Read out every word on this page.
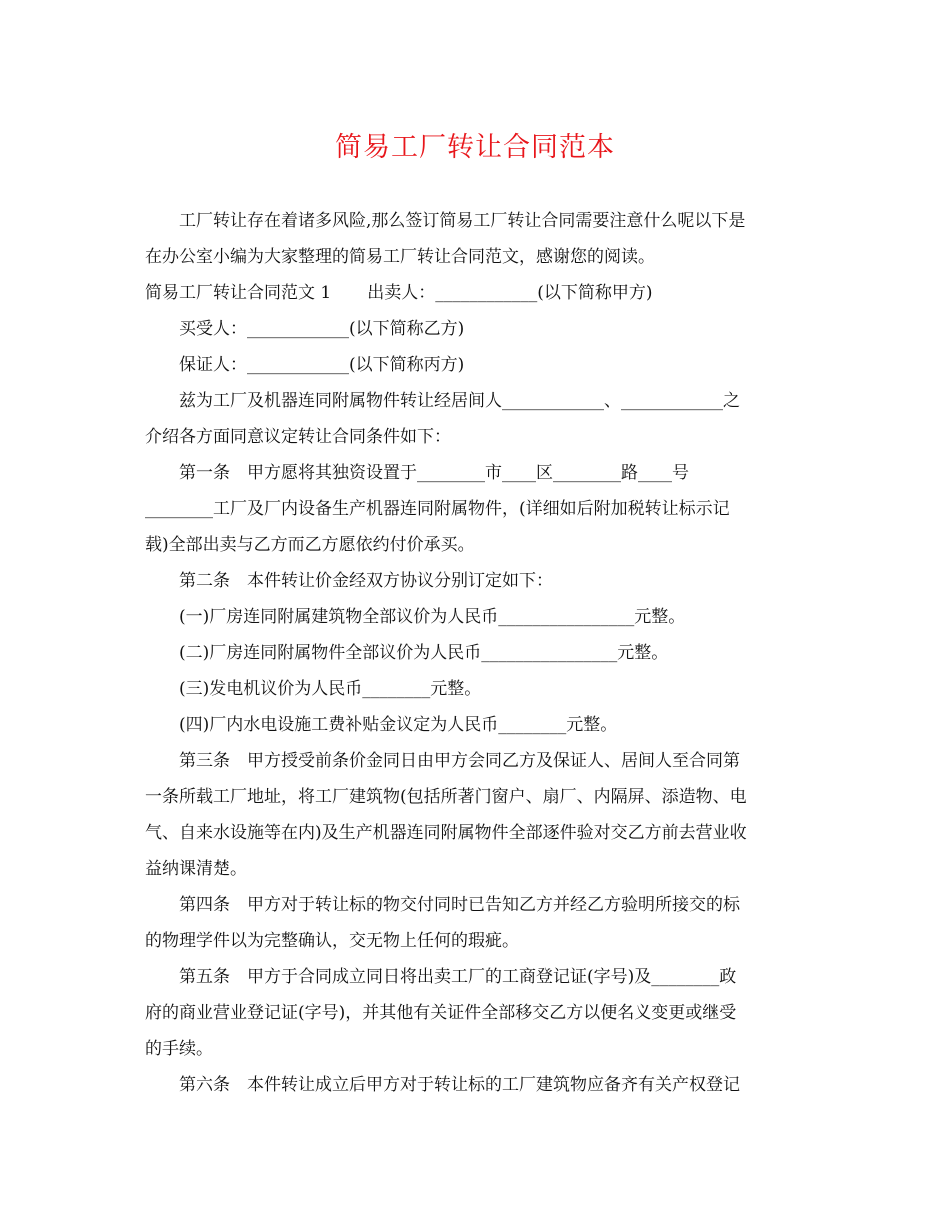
简易工厂转让合同范本

工厂转让存在着诸多风险,那么签订简易工厂转让合同需要注意什么呢以下是

在办公室小编为大家整理的简易工厂转让合同范文，感谢您的阅读。

简易工厂转让合同范文 1 出卖人：____________(以下简称甲方)

买受人：____________(以下简称乙方)

保证人：____________(以下简称丙方)

兹为工厂及机器连同附属物件转让经居间人____________、____________之

介绍各方面同意议定转让合同条件如下：

第一条　甲方愿将其独资设置于________市____区________路____号

________工厂及厂内设备生产机器连同附属物件，(详细如后附加税转让标示记

载)全部出卖与乙方而乙方愿依约付价承买。

第二条　本件转让价金经双方协议分别订定如下：

(一)厂房连同附属建筑物全部议价为人民币________________元整。

(二)厂房连同附属物件全部议价为人民币________________元整。

(三)发电机议价为人民币________元整。

(四)厂内水电设施工费补贴金议定为人民币________元整。

第三条　甲方授受前条价金同日由甲方会同乙方及保证人、居间人至合同第

一条所载工厂地址，将工厂建筑物(包括所著门窗户、扇厂、内隔屏、添造物、电

气、自来水设施等在内)及生产机器连同附属物件全部逐件验对交乙方前去营业收

益纳课清楚。

第四条　甲方对于转让标的物交付同时已告知乙方并经乙方验明所接交的标

的物理学件以为完整确认，交无物上任何的瑕疵。

第五条　甲方于合同成立同日将出卖工厂的工商登记证(字号)及________政

府的商业营业登记证(字号)，并其他有关证件全部移交乙方以便名义变更或继受

的手续。

第六条　本件转让成立后甲方对于转让标的工厂建筑物应备齐有关产权登记
